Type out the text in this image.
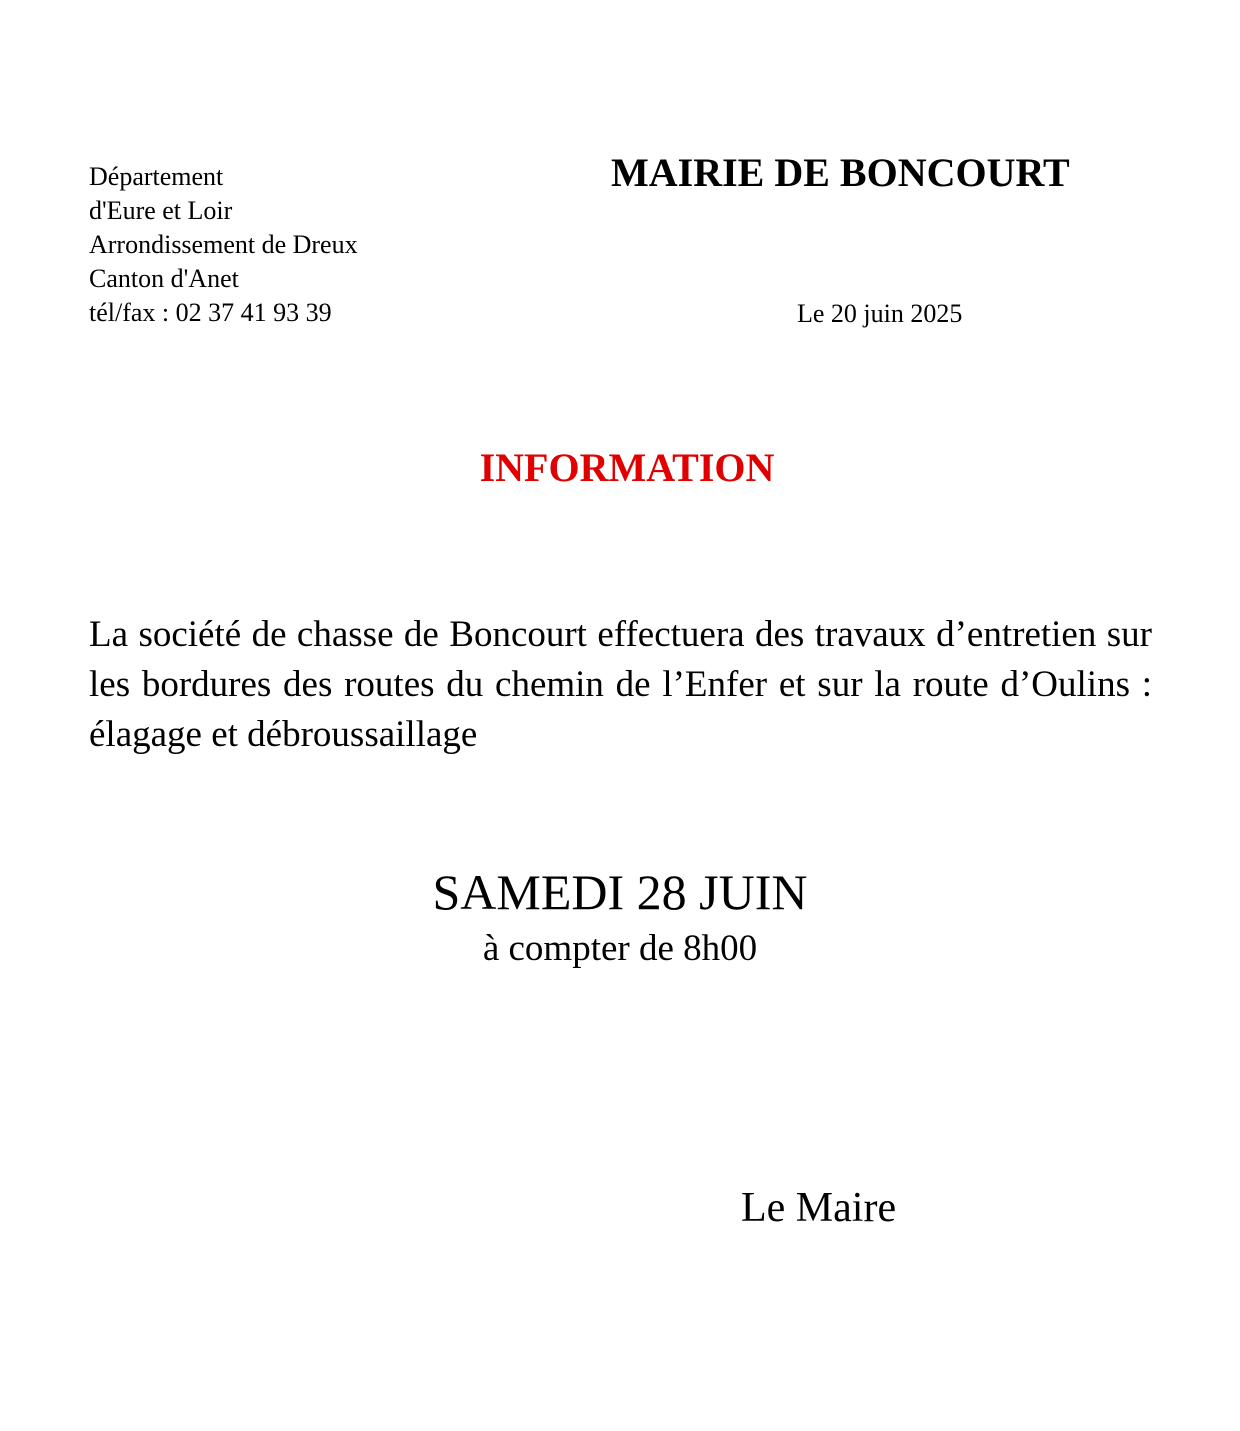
Département
d'Eure et Loir
Arrondissement de Dreux
Canton d'Anet
tél/fax : 02 37 41 93 39
MAIRIE DE BONCOURT
Le 20 juin 2025
INFORMATION
La société de chasse de Boncourt effectuera des travaux d’entretien sur les bordures des routes du chemin de l’Enfer et sur la route d’Oulins : élagage et débroussaillage
SAMEDI 28 JUIN
à compter de 8h00
Le Maire
